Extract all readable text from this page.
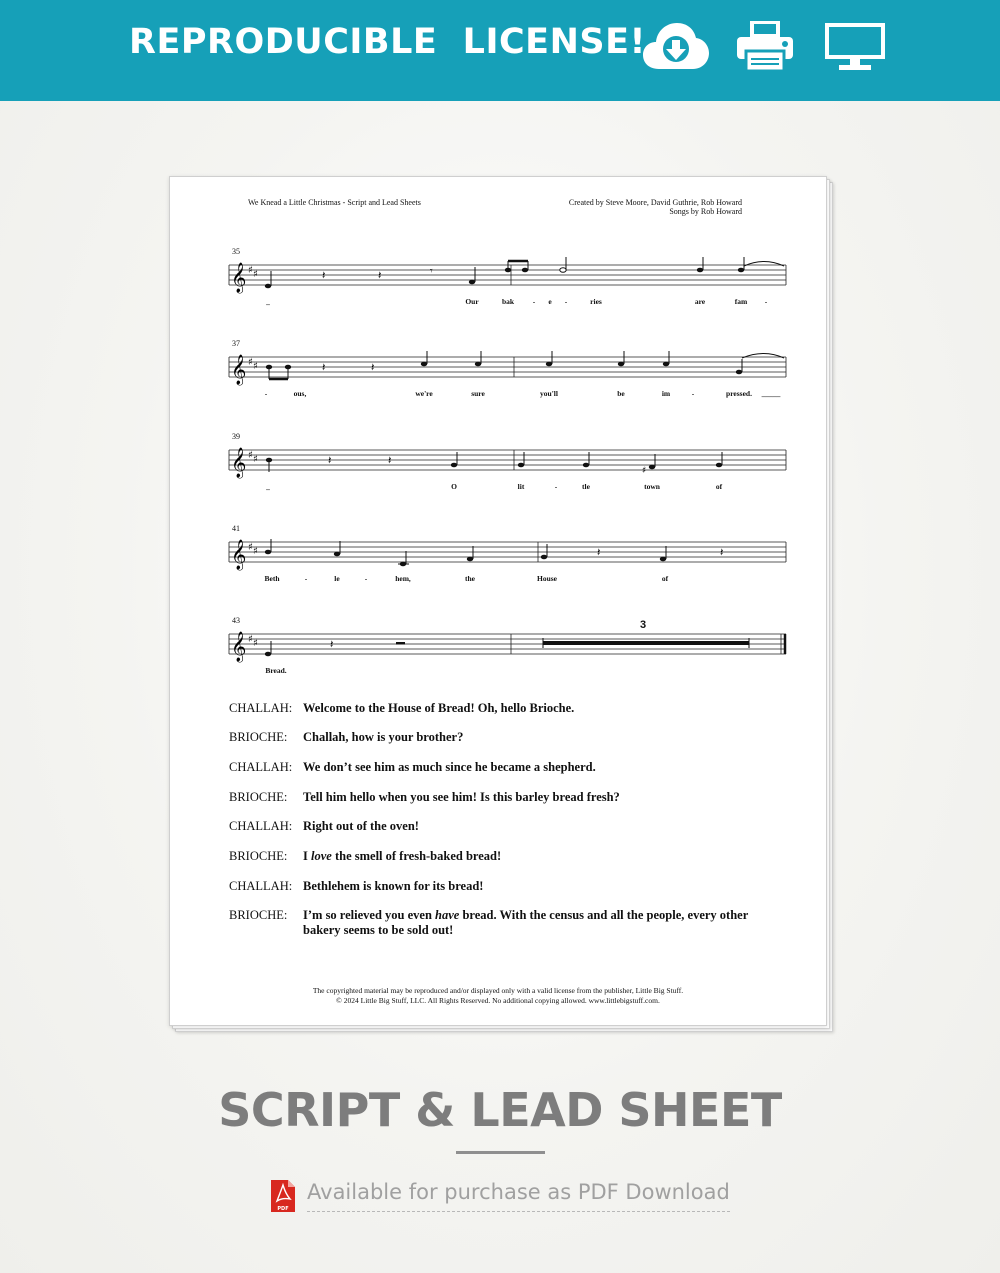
REPRODUCIBLE  LICENSE!
We Knead a Little Christmas - Script and Lead Sheets	Created by Steve Moore, David Guthrie, Rob Howard
Songs by Rob Howard
35
𝄞 ♯ ♯	𝄽	𝄽	𝄾
_	Our	bak - e -	ries	are	fam -
37
𝄞 ♯ ♯	𝄽	𝄽
-	ous,	we're	sure	you'll	be	im	-	pressed. _____
39
𝄞 ♯ ♯	𝄽	𝄽
♯
_	O	lit	-	tle	town	of
41
𝄞 ♯ ♯	𝄽	𝄽
Beth	-	le	-	hem,	the	House	of
43
𝄞 ♯ ♯	𝄽
3
Bread.
CHALLAH: Welcome to the House of Bread! Oh, hello Brioche.
BRIOCHE: Challah, how is your brother?
CHALLAH: We don’t see him as much since he became a shepherd.
BRIOCHE: Tell him hello when you see him! Is this barley bread fresh?
CHALLAH: Right out of the oven!
BRIOCHE: I love the smell of fresh-baked bread!
CHALLAH: Bethlehem is known for its bread!
BRIOCHE: I’m so relieved you even have bread. With the census and all the people, every other bakery seems to be sold out!
The copyrighted material may be reproduced and/or displayed only with a valid license from the publisher, Little Big Stuff.
© 2024 Little Big Stuff, LLC. All Rights Reserved. No additional copying allowed. www.littlebigstuff.com.
SCRIPT & LEAD SHEET
PDF
Available for purchase as PDF Download
